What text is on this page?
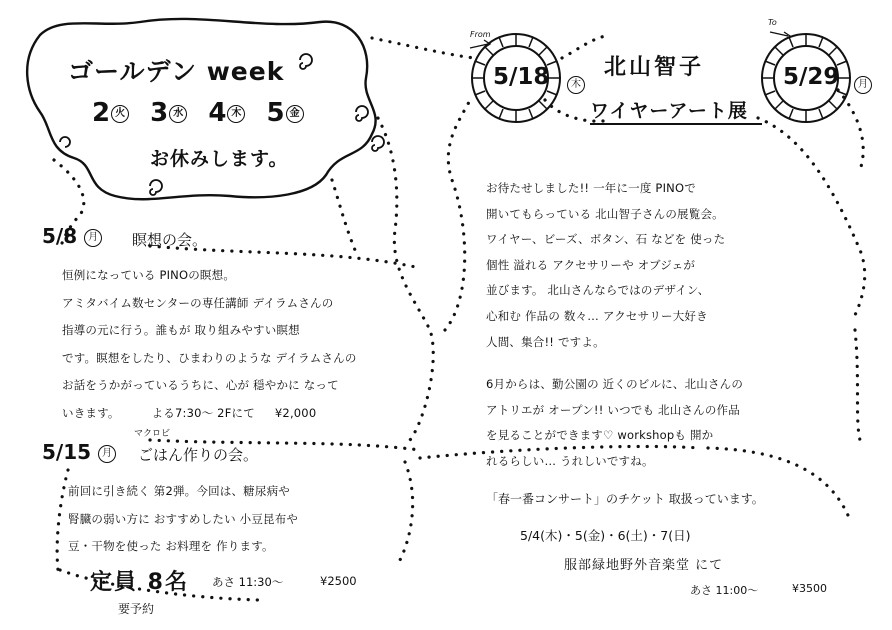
ゴールデン week
2 火 3 水 4 木 5 金
お休みします。
5/8 月 瞑想の会。
恒例になっている PINOの瞑想。
アミタバイム数センターの専任講師 デイラムさんの
指導の元に行う。誰もが 取り組みやすい瞑想
です。瞑想をしたり、ひまわりのような デイラムさんの
お話をうかがっているうちに、心が 穏やかに なって
いきます。	よる7:30〜 2Fにて ¥2,000
マクロビ
5/15 月 ごはん作りの会。
前回に引き続く 第2弾。今回は、糖尿病や
腎臓の弱い方に おすすめしたい 小豆昆布や
豆・干物を使った お料理を 作ります。
定員 8名 あさ 11:30〜	¥2500
要予約
From
To
5/18	木	5/29	月
北山智子
ワイヤーアート展
お待たせしました!! 一年に一度 PINOで
開いてもらっている 北山智子さんの展覧会。
ワイヤー、ビーズ、ボタン、石 などを 使った
個性 溢れる アクセサリーや オブジェが
並びます。 北山さんならではのデザイン、
心和む 作品の 数々… アクセサリー大好き
人間、集合!! ですよ。
6月からは、勤公園の 近くのビルに、北山さんの
アトリエが オープン!! いつでも 北山さんの作品
を見ることができます♡ workshopも 開か
れるらしい… うれしいですね。
「春一番コンサート」のチケット 取扱っています。
5/4(木)・5(金)・6(土)・7(日)
服部緑地野外音楽堂 にて
あさ 11:00〜	¥3500
